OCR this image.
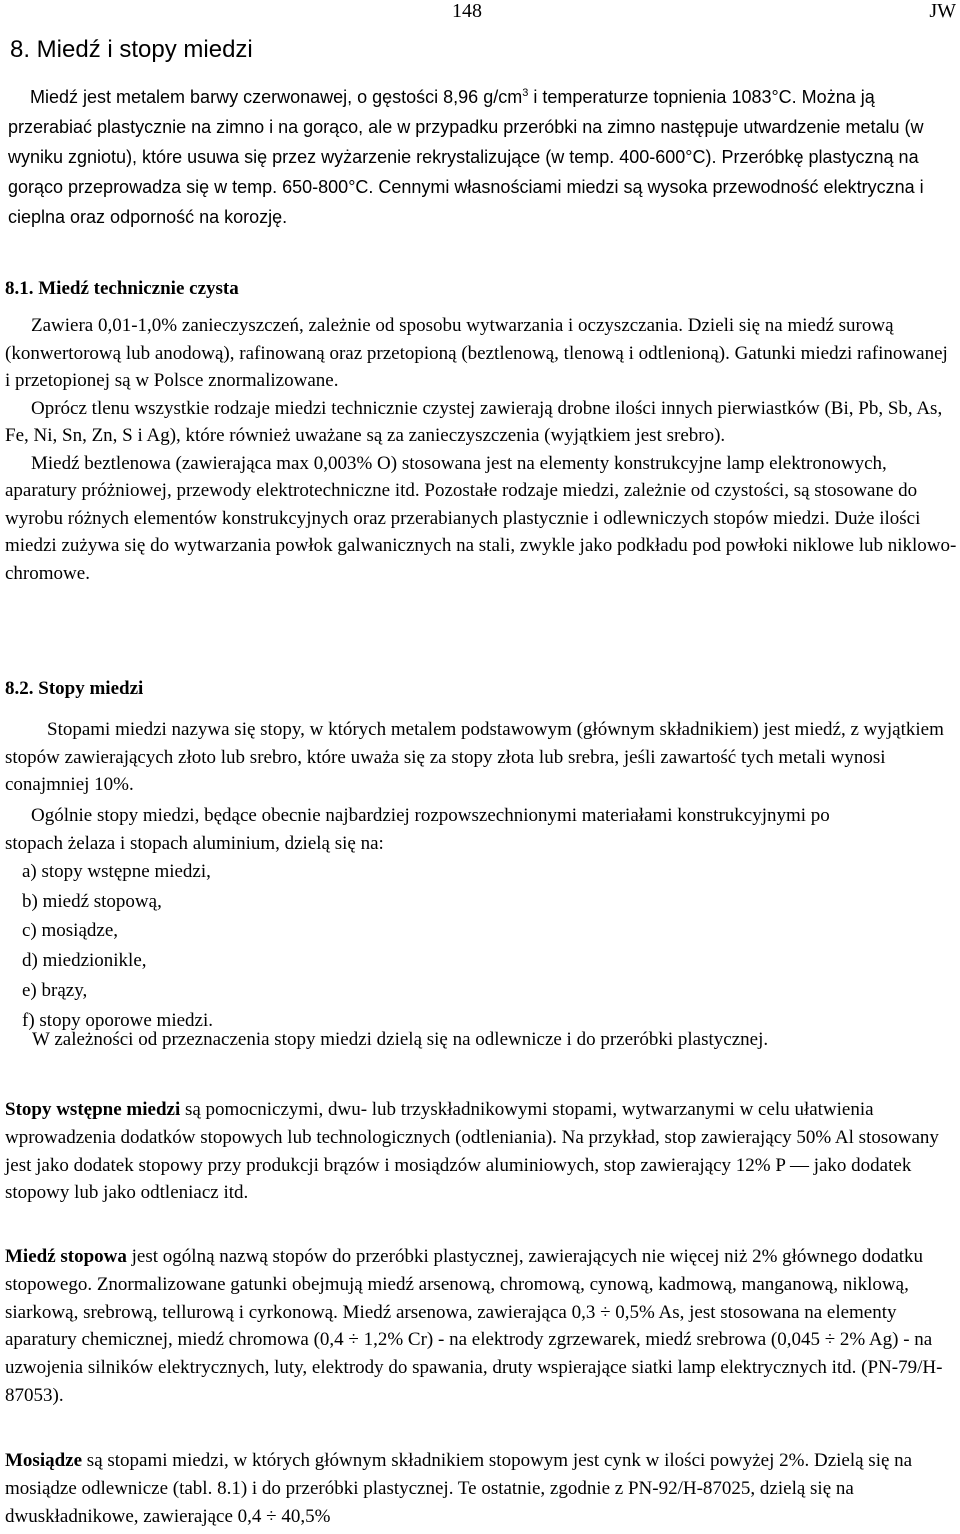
148	JW
8. Miedź i stopy miedzi
Miedź jest metalem barwy czerwonawej, o gęstości 8,96 $g/cm^3$ i temperaturze topnienia 1083°C. Można ją przerabiać plastycznie na zimno i na gorąco, ale w przypadku przeróbki na zimno następuje utwardzenie metalu (w wyniku zgniotu), które usuwa się przez wyżarzenie rekrystalizujące (w temp. 400-600°C). Przeróbkę plastyczną na gorąco przeprowadza się w temp. 650-800°C. Cennymi własnościami miedzi są wysoka przewodność elektryczna i cieplna oraz odporność na korozję.
8.1. Miedź technicznie czysta

Zawiera 0,01-1,0% zanieczyszczeń, zależnie od sposobu wytwarzania i oczyszczania. Dzieli się na miedź surową (konwertorową lub anodową), rafinowaną oraz przetopioną (beztlenową, tlenową i odtlenioną). Gatunki miedzi rafinowanej i przetopionej są w Polsce znormalizowane.

Oprócz tlenu wszystkie rodzaje miedzi technicznie czystej zawierają drobne ilości innych pierwiastków (Bi, Pb, Sb, As, Fe, Ni, Sn, Zn, S i Ag), które również uważane są za zanieczyszczenia (wyjątkiem jest srebro).

Miedź beztlenowa (zawierająca max 0,003% O) stosowana jest na elementy konstrukcyjne lamp elektronowych, aparatury próżniowej, przewody elektrotechniczne itd. Pozostałe rodzaje miedzi, zależnie od czystości, są stosowane do wyrobu różnych elementów konstrukcyjnych oraz przerabianych plastycznie i odlewniczych stopów miedzi. Duże ilości miedzi zużywa się do wytwarzania powłok galwanicznych na stali, zwykle jako podkładu pod powłoki niklowe lub niklowo-chromowe.

8.2. Stopy miedzi
Stopami miedzi nazywa się stopy, w których metalem podstawowym (głównym składnikiem) jest miedź, z wyjątkiem stopów zawierających złoto lub srebro, które uważa się za stopy złota lub srebra, jeśli zawartość tych metali wynosi conajmniej 10%.
Ogólnie stopy miedzi, będące obecnie najbardziej rozpowszechnionymi materiałami konstrukcyjnymi po stopach żelaza i stopach aluminium, dzielą się na:
a) stopy wstępne miedzi,
b) miedź stopową,
c) mosiądze,
d) miedzionikle,
e) brązy,
f) stopy oporowe miedzi.
W zależności od przeznaczenia stopy miedzi dzielą się na odlewnicze i do przeróbki plastycznej.
Stopy wstępne miedzi są pomocniczymi, dwu- lub trzyskładnikowymi stopami, wytwarzanymi w celu ułatwienia wprowadzenia dodatków stopowych lub technologicznych (odtleniania). Na przykład, stop zawierający 50% Al stosowany jest jako dodatek stopowy przy produkcji brązów i mosiądzów aluminiowych, stop zawierający 12% P — jako dodatek stopowy lub jako odtleniacz itd.
Miedź stopowa jest ogólną nazwą stopów do przeróbki plastycznej, zawierających nie więcej niż 2% głównego dodatku stopowego. Znormalizowane gatunki obejmują miedź arsenową, chromową, cynową, kadmową, manganową, niklową, siarkową, srebrową, tellurową i cyrkonową. Miedź arsenowa, zawierająca 0,3 ÷ 0,5% As, jest stosowana na elementy aparatury chemicznej, miedź chromowa (0,4 ÷ 1,2% Cr) - na elektrody zgrzewarek, miedź srebrowa (0,045 ÷ 2% Ag) - na uzwojenia silników elektrycznych, luty, elektrody do spawania, druty wspierające siatki lamp elektrycznych itd. (PN-79/H-87053).
Mosiądze są stopami miedzi, w których głównym składnikiem stopowym jest cynk w ilości powyżej 2%. Dzielą się na mosiądze odlewnicze (tabl. 8.1) i do przeróbki plastycznej. Te ostatnie, zgodnie z PN-92/H-87025, dzielą się na dwuskładnikowe, zawierające 0,4 ÷ 40,5%
